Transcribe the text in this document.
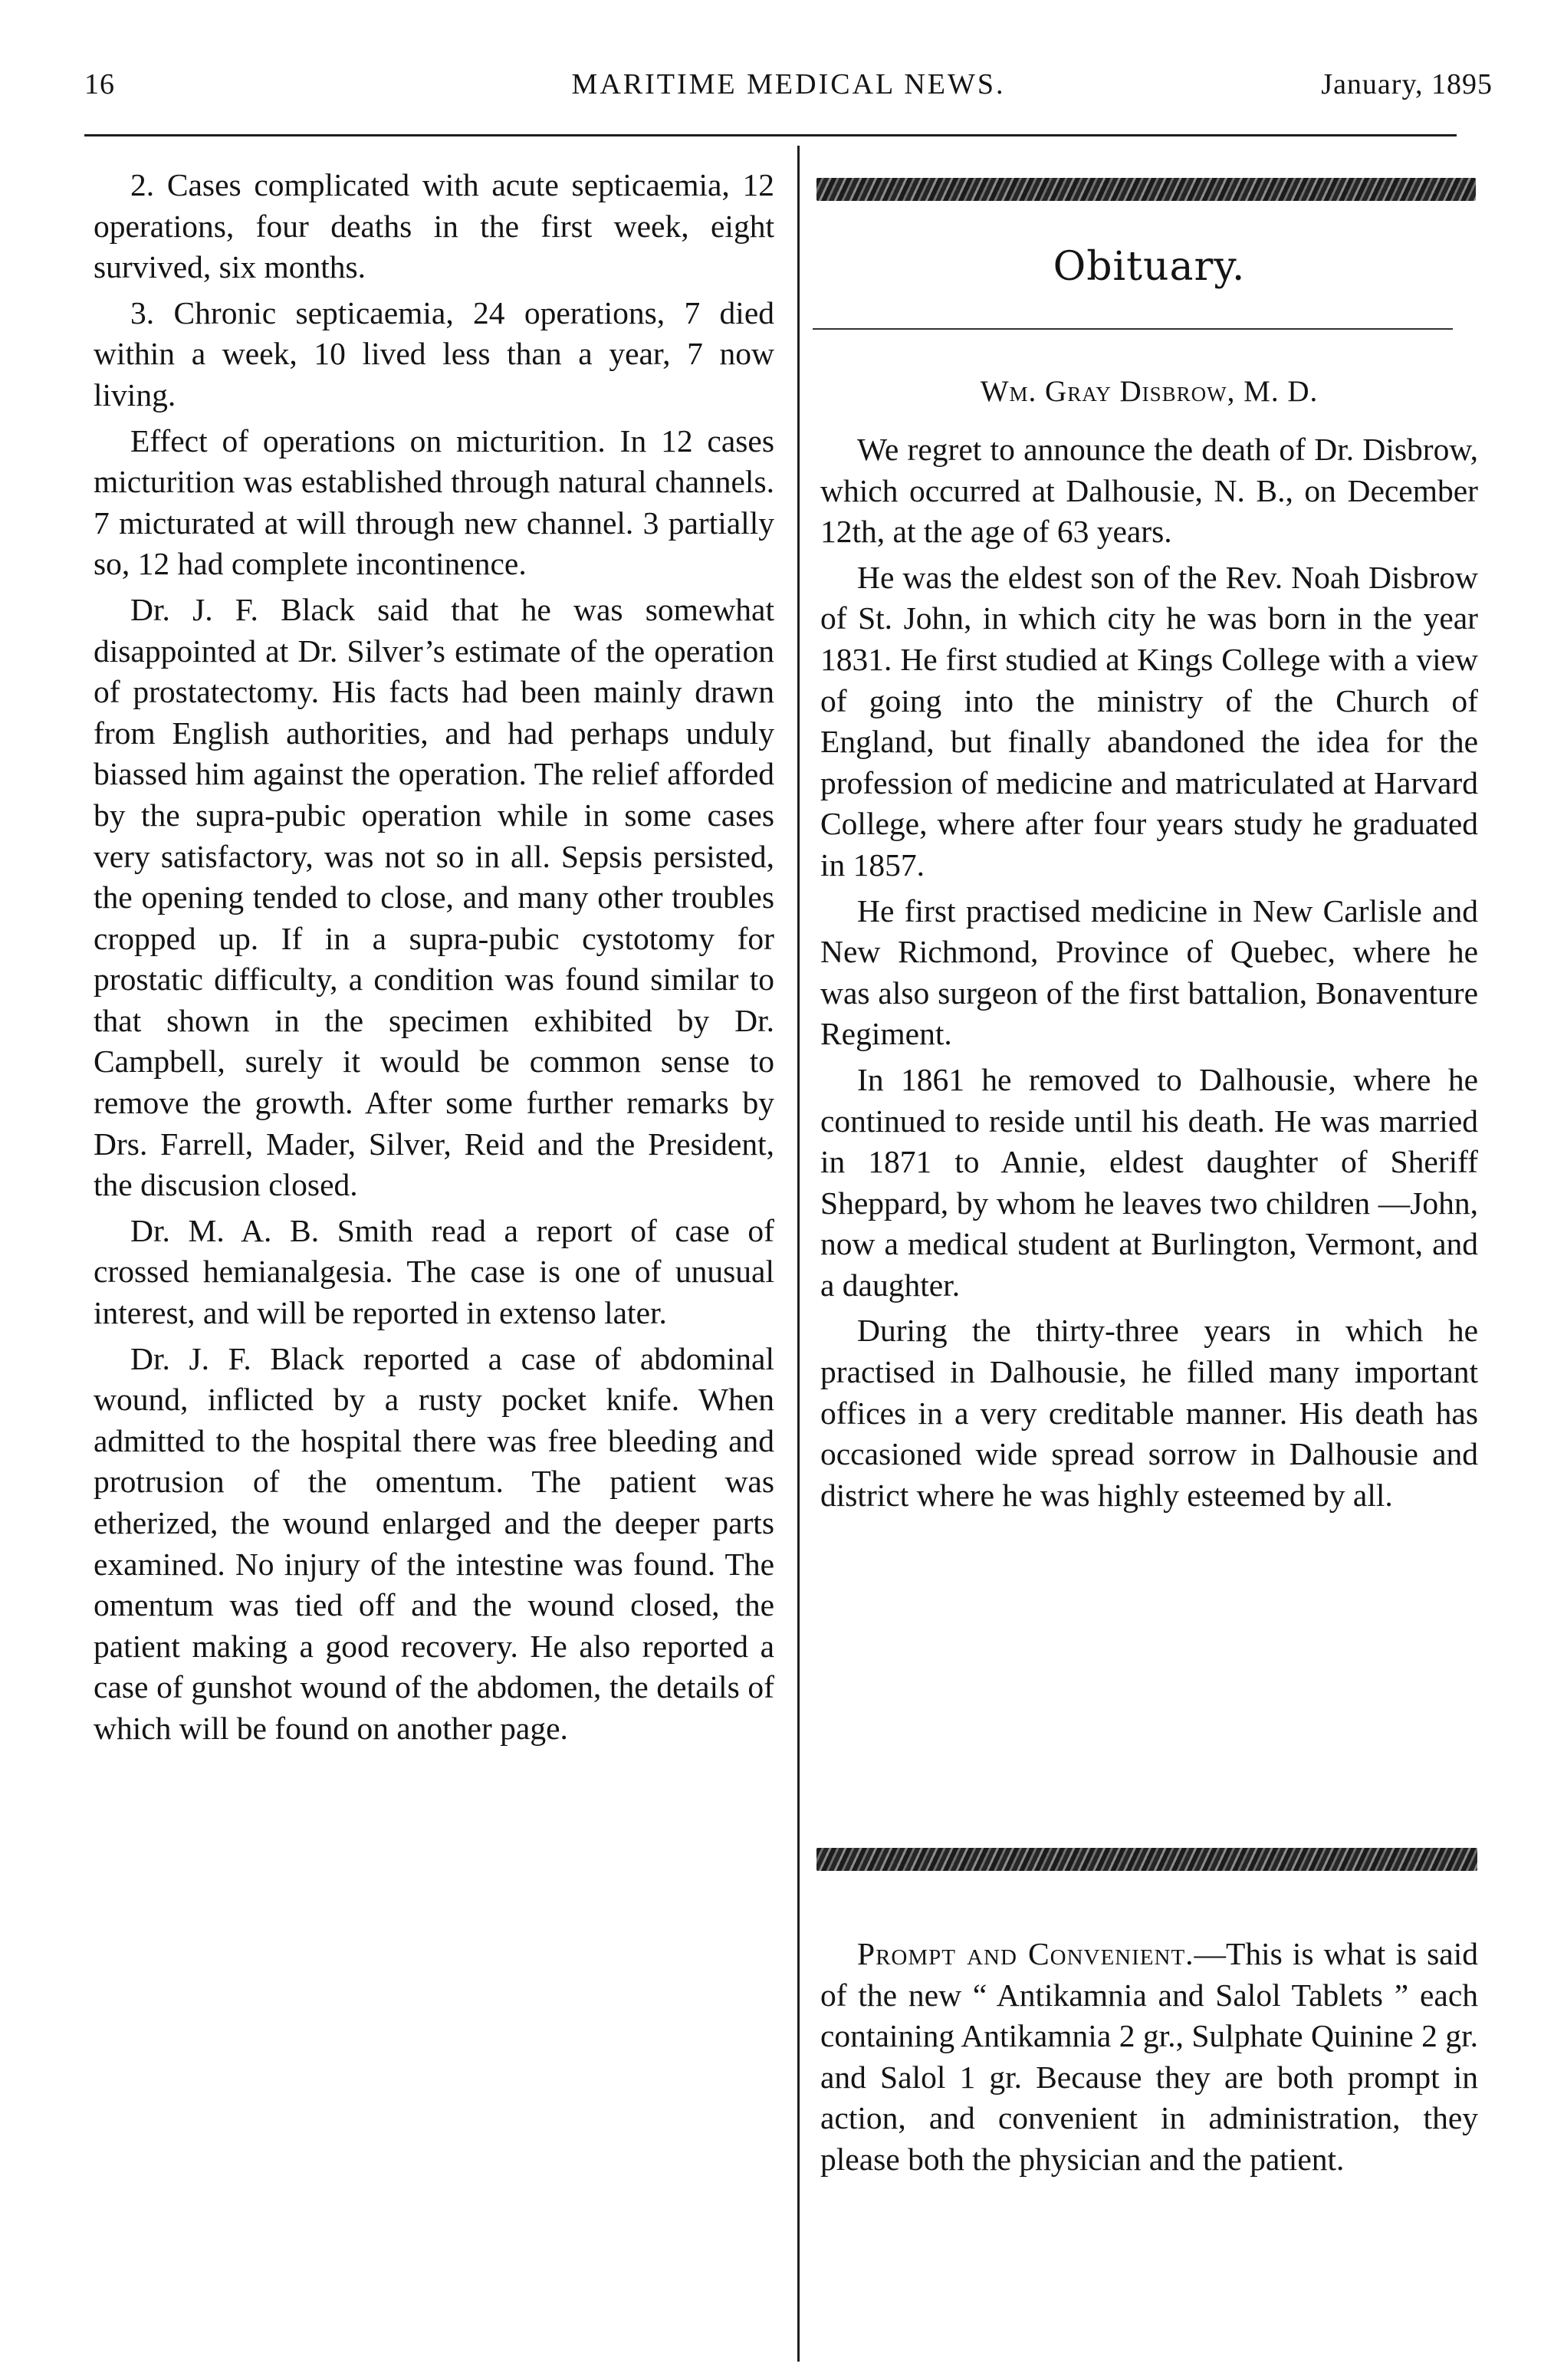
16	MARITIME MEDICAL NEWS.	January, 1895

2. Cases complicated with acute septicaemia, 12 operations, four deaths in the first week, eight survived, six months.

3. Chronic septicaemia, 24 operations, 7 died within a week, 10 lived less than a year, 7 now living.

Effect of operations on micturition. In 12 cases micturition was established through natural channels. 7 micturated at will through new channel. 3 partially so, 12 had complete incontinence.

Dr. J. F. Black said that he was somewhat disappointed at Dr. Silver’s estimate of the operation of prostatectomy. His facts had been mainly drawn from English authorities, and had perhaps unduly biassed him against the operation. The relief afforded by the supra-pubic operation while in some cases very satisfactory, was not so in all. Sepsis persisted, the opening tended to close, and many other troubles cropped up. If in a supra-pubic cystotomy for prostatic difficulty, a condition was found similar to that shown in the specimen exhibited by Dr. Campbell, surely it would be common sense to remove the growth. After some further remarks by Drs. Farrell, Mader, Silver, Reid and the President, the discusion closed.

Dr. M. A. B. Smith read a report of case of crossed hemianalgesia. The case is one of unusual interest, and will be reported in extenso later.

Dr. J. F. Black reported a case of abdominal wound, inflicted by a rusty pocket knife. When admitted to the hospital there was free bleeding and protrusion of the omentum. The patient was etherized, the wound enlarged and the deeper parts examined. No injury of the intestine was found. The omentum was tied off and the wound closed, the patient making a good recovery. He also reported a case of gunshot wound of the abdomen, the details of which will be found on another page.

Obituary.
Wm. Gray Disbrow, M. D.

We regret to announce the death of Dr. Disbrow, which occurred at Dalhousie, N. B., on December 12th, at the age of 63 years.

He was the eldest son of the Rev. Noah Disbrow of St. John, in which city he was born in the year 1831. He first studied at Kings College with a view of going into the ministry of the Church of England, but finally abandoned the idea for the profession of medicine and matriculated at Harvard College, where after four years study he graduated in 1857.

He first practised medicine in New Carlisle and New Richmond, Province of Quebec, where he was also surgeon of the first battalion, Bonaventure Regiment.

In 1861 he removed to Dalhousie, where he continued to reside until his death. He was married in 1871 to Annie, eldest daughter of Sheriff Sheppard, by whom he leaves two children —John, now a medical student at Burlington, Vermont, and a daughter.

During the thirty-three years in which he practised in Dalhousie, he filled many important offices in a very creditable manner. His death has occasioned wide spread sorrow in Dalhousie and district where he was highly esteemed by all.

Prompt and Convenient.—This is what is said of the new “ Antikamnia and Salol Tablets ” each containing Antikamnia 2 gr., Sulphate Quinine 2 gr. and Salol 1 gr. Because they are both prompt in action, and convenient in administration, they please both the physician and the patient.
